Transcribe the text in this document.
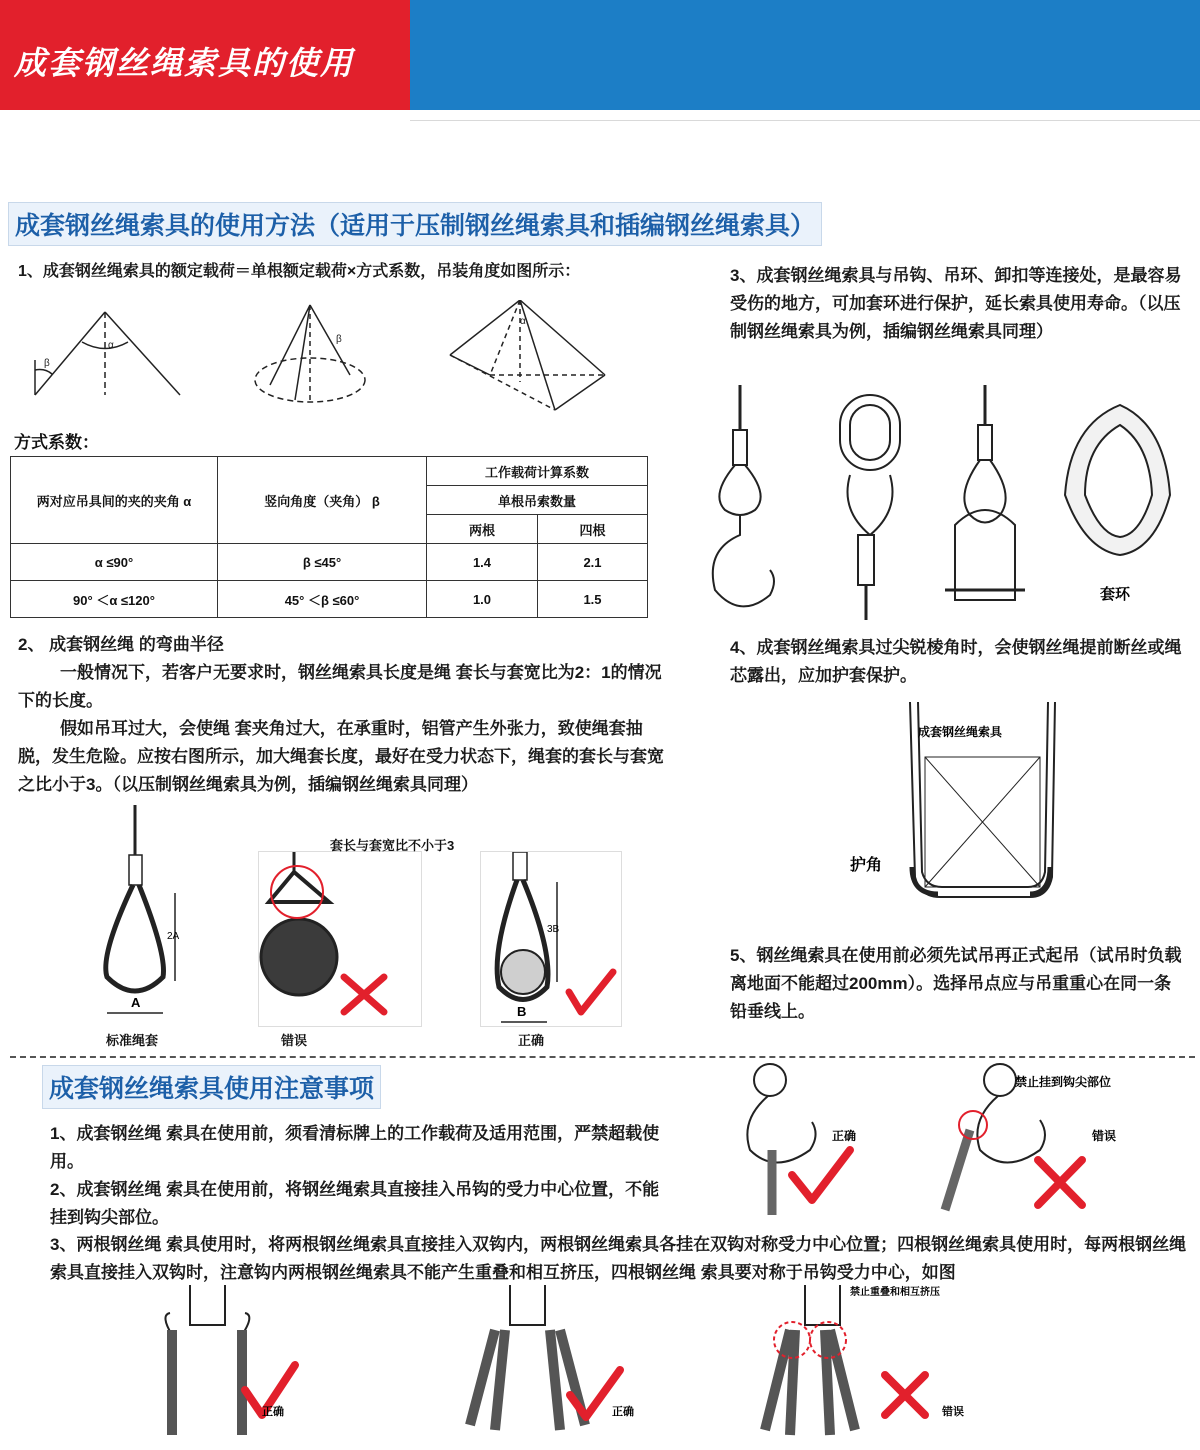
成套钢丝绳索具的使用
成套钢丝绳索具的使用方法（适用于压制钢丝绳索具和插编钢丝绳索具）
1、成套钢丝绳索具的额定载荷＝单根额定载荷×方式系数，吊装角度如图所示：
α
β
β
α
方式系数：
两对应吊具间的夹的夹角 α	竖向角度（夹角） β	工作载荷计算系数	
		单根吊索数量	
		两根	四根
α ≤90°	β ≤45°	1.4	2.1
90° ＜α ≤120°	45° ＜β ≤60°	1.0	1.5
2、 成套钢丝绳 的弯曲半径
一般情况下，若客户无要求时，钢丝绳索具长度是绳 套长与套宽比为2：1的情况下的长度。
假如吊耳过大，会使绳 套夹角过大，在承重时，铝管产生外张力，致使绳套抽脱，发生危险。应按右图所示，加大绳套长度，最好在受力状态下，绳套的套长与套宽之比小于3。（以压制钢丝绳索具为例，插编钢丝绳索具同理）
2A
A
标准绳套
套长与套宽比不小于3
错误
3B
B
正确
3、成套钢丝绳索具与吊钩、吊环、卸扣等连接处，是最容易受伤的地方，可加套环进行保护，延长索具使用寿命。（以压制钢丝绳索具为例，插编钢丝绳索具同理）
套环
4、成套钢丝绳索具过尖锐棱角时，会使钢丝绳提前断丝或绳芯露出，应加护套保护。
成套钢丝绳索具
护角
5、钢丝绳索具在使用前必须先试吊再正式起吊（试吊时负载离地面不能超过200mm）。选择吊点应与吊重重心在同一条铅垂线上。
成套钢丝绳索具使用注意事项
1、成套钢丝绳 索具在使用前，须看清标牌上的工作载荷及适用范围，严禁超载使用。
2、成套钢丝绳 索具在使用前，将钢丝绳索具直接挂入吊钩的受力中心位置，不能挂到钩尖部位。
3、两根钢丝绳 索具使用时，将两根钢丝绳索具直接挂入双钩内，两根钢丝绳索具各挂在双钩对称受力中心位置；四根钢丝绳索具使用时，每两根钢丝绳索具直接挂入双钩时，注意钩内两根钢丝绳索具不能产生重叠和相互挤压，四根钢丝绳 索具要对称于吊钩受力中心，如图
正确	错误
禁止挂到钩尖部位
正确	正确	错误
禁止重叠和相互挤压
